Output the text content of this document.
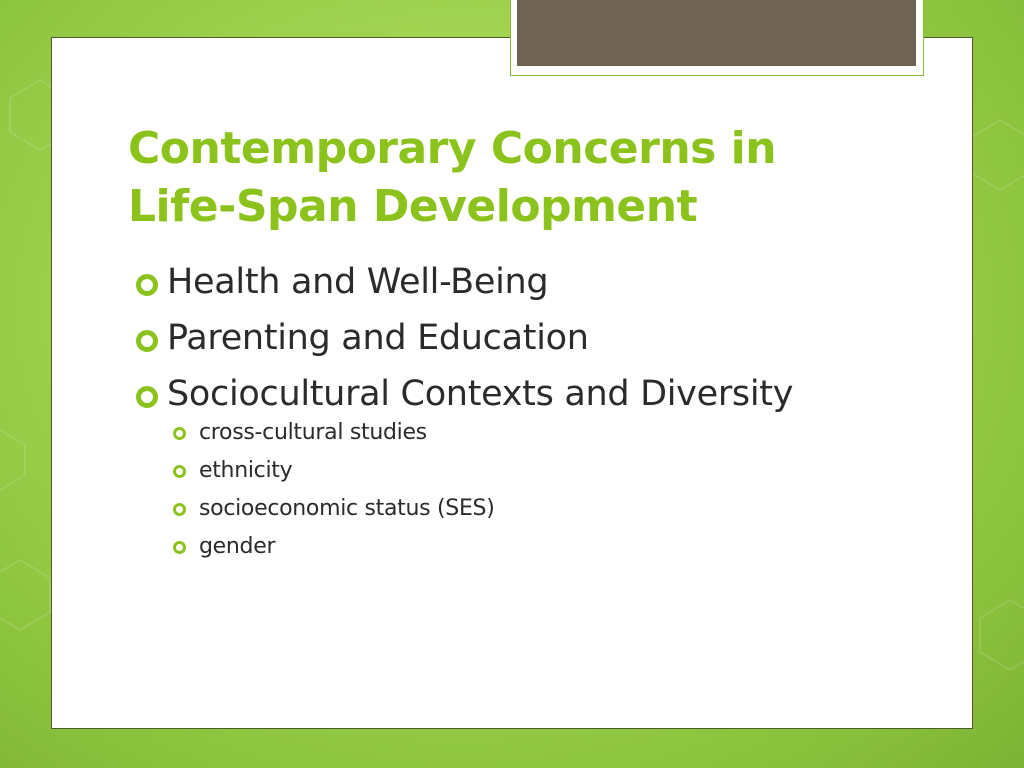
Contemporary Concerns in
Life-Span Development
Health and Well-Being
Parenting and Education
Sociocultural Contexts and Diversity
cross-cultural studies
ethnicity
socioeconomic status (SES)
gender
